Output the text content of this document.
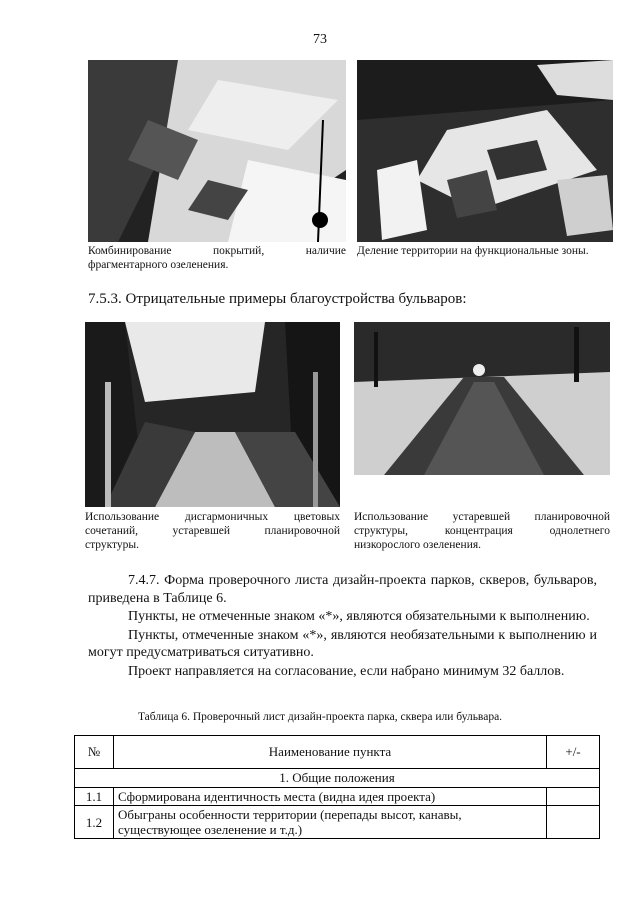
73
Комбинирование	покрытий,	наличие
фрагментарного озеленения.
Деление территории на функциональные зоны.
7.5.3. Отрицательные примеры благоустройства бульваров:
Использование дисгармоничных цветовых
сочетаний,	устаревшей	планировочной
структуры.
Использование устаревшей планировочной
структуры,	концентрация	однолетнего
низкорослого озеленения.

7.4.7. Форма проверочного листа дизайн-проекта парков, скверов, бульваров, приведена в Таблице 6.

Пункты, не отмеченные знаком «*», являются обязательными к выполнению.

Пункты, отмеченные знаком «*», являются необязательными к выполнению и могут предусматриваться ситуативно.

Проект направляется на согласование, если набрано минимум 32 баллов.

Таблица 6. Проверочный лист дизайн-проекта парка, сквера или бульвара.
№	Наименование пункта	+/-
1. Общие положения		
1.1	Сформирована идентичность места (видна идея проекта)	
1.2	Обыграны особенности территории (перепады высот, канавы, существующее озеленение и т.д.)	
